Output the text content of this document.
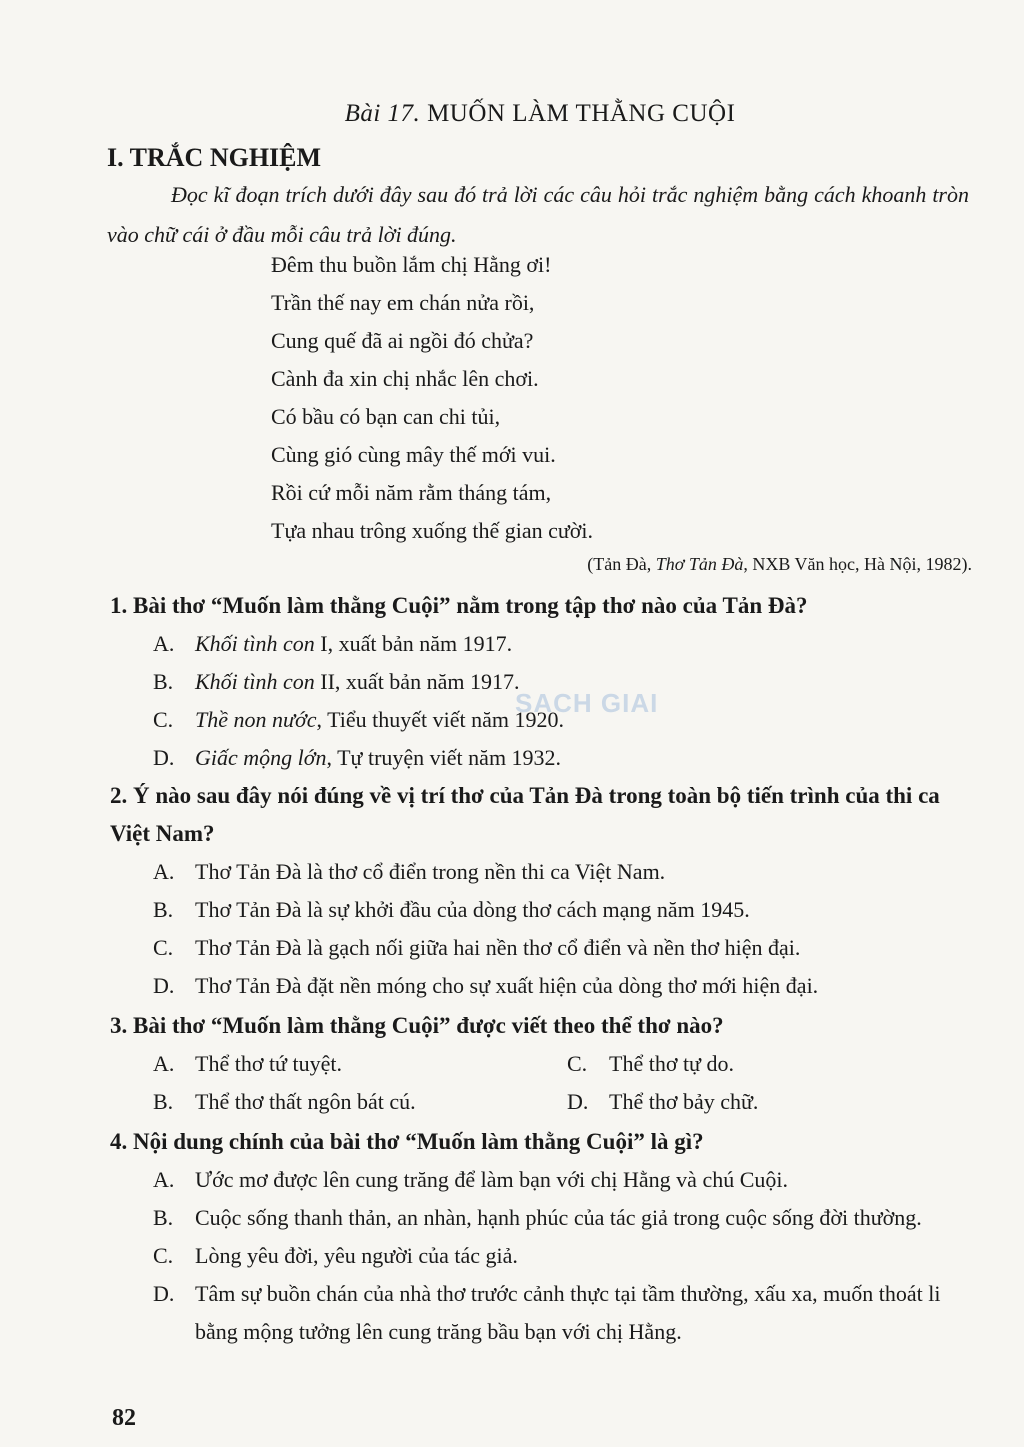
Bài 17. MUỐN LÀM THẰNG CUỘI
I. TRẮC NGHIỆM
Đọc kĩ đoạn trích dưới đây sau đó trả lời các câu hỏi trắc nghiệm bằng cách khoanh tròn vào chữ cái ở đầu mỗi câu trả lời đúng.
Đêm thu buồn lắm chị Hằng ơi!
Trần thế nay em chán nửa rồi,
Cung quế đã ai ngồi đó chửa?
Cành đa xin chị nhắc lên chơi.
Có bầu có bạn can chi tủi,
Cùng gió cùng mây thế mới vui.
Rồi cứ mỗi năm rằm tháng tám,
Tựa nhau trông xuống thế gian cười.
(Tản Đà, Thơ Tản Đà, NXB Văn học, Hà Nội, 1982).
1. Bài thơ “Muốn làm thằng Cuội” nằm trong tập thơ nào của Tản Đà?
A. Khối tình con I, xuất bản năm 1917.
B. Khối tình con II, xuất bản năm 1917.
C. Thề non nước, Tiểu thuyết viết năm 1920.
D. Giấc mộng lớn, Tự truyện viết năm 1932.
2. Ý nào sau đây nói đúng về vị trí thơ của Tản Đà trong toàn bộ tiến trình của thi ca Việt Nam?
A. Thơ Tản Đà là thơ cổ điển trong nền thi ca Việt Nam.
B. Thơ Tản Đà là sự khởi đầu của dòng thơ cách mạng năm 1945.
C. Thơ Tản Đà là gạch nối giữa hai nền thơ cổ điển và nền thơ hiện đại.
D. Thơ Tản Đà đặt nền móng cho sự xuất hiện của dòng thơ mới hiện đại.
3. Bài thơ “Muốn làm thằng Cuội” được viết theo thể thơ nào?
A. Thể thơ tứ tuyệt.
B. Thể thơ thất ngôn bát cú.
C. Thể thơ tự do.
D. Thể thơ bảy chữ.
4. Nội dung chính của bài thơ “Muốn làm thằng Cuội” là gì?
A. Ước mơ được lên cung trăng để làm bạn với chị Hằng và chú Cuội.
B. Cuộc sống thanh thản, an nhàn, hạnh phúc của tác giả trong cuộc sống đời thường.
C. Lòng yêu đời, yêu người của tác giả.
D. Tâm sự buồn chán của nhà thơ trước cảnh thực tại tầm thường, xấu xa, muốn thoát li bằng mộng tưởng lên cung trăng bầu bạn với chị Hằng.
SACH GIAI
82
